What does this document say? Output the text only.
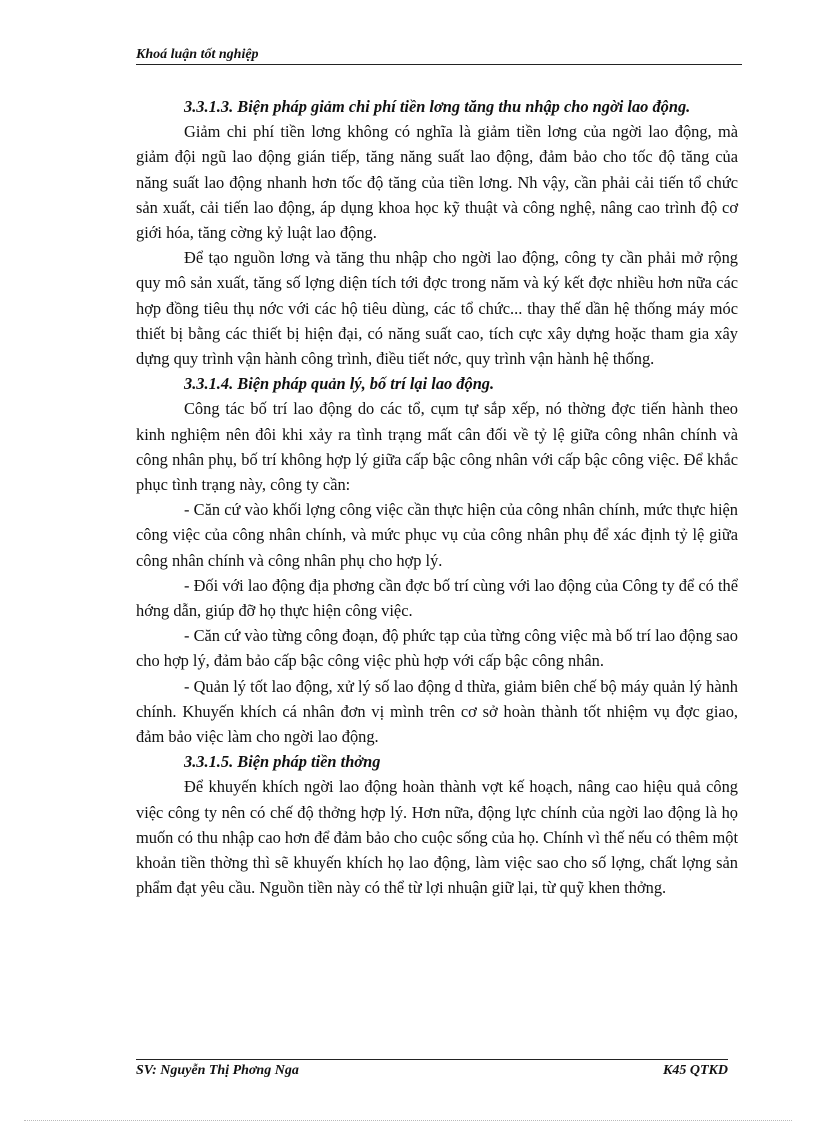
Khoá luận tốt nghiệp

3.3.1.3. Biện pháp giảm chi phí tiền lơng tăng thu nhập cho ngời lao động.

Giảm chi phí tiền lơng không có nghĩa là giảm tiền lơng của ngời lao động, mà giảm đội ngũ lao động gián tiếp, tăng năng suất lao động, đảm bảo cho tốc độ tăng của năng suất lao động nhanh hơn tốc độ tăng của tiền lơng. Nh vậy, cần phải cải tiến tổ chức sản xuất, cải tiến lao động, áp dụng khoa học kỹ thuật và công nghệ, nâng cao trình độ cơ giới hóa, tăng cờng kỷ luật lao động.

Để tạo nguồn lơng và tăng thu nhập cho ngời lao động, công ty cần phải mở rộng quy mô sản xuất, tăng số lợng diện tích tới đợc trong năm và ký kết đợc nhiều hơn nữa các hợp đồng tiêu thụ nớc với các hộ tiêu dùng, các tổ chức... thay thế dần hệ thống máy móc thiết bị bằng các thiết bị hiện đại, có năng suất cao, tích cực xây dựng hoặc tham gia xây dựng quy trình vận hành công trình, điều tiết nớc, quy trình vận hành hệ thống.

3.3.1.4. Biện pháp quản lý, bố trí lại lao động.

Công tác bố trí lao động do các tổ, cụm tự sắp xếp, nó thờng đợc tiến hành theo kinh nghiệm nên đôi khi xảy ra tình trạng mất cân đối về tỷ lệ giữa công nhân chính và công nhân phụ, bố trí không hợp lý giữa cấp bậc công nhân với cấp bậc công việc. Để khắc phục tình trạng này, công ty cần:

- Căn cứ vào khối lợng công việc cần thực hiện của công nhân chính, mức thực hiện công việc của công nhân chính, và mức phục vụ của công nhân phụ để xác định tỷ lệ giữa công nhân chính và công nhân phụ cho hợp lý.

- Đối với lao động địa phơng cần đợc bố trí cùng với lao động của Công ty để có thể hớng dẫn, giúp đỡ họ thực hiện công việc.

- Căn cứ vào từng công đoạn, độ phức tạp của từng công việc mà bố trí lao động sao cho hợp lý, đảm bảo cấp bậc công việc phù hợp với cấp bậc công nhân.

- Quản lý tốt lao động, xử lý số lao động d thừa, giảm biên chế bộ máy quản lý hành chính. Khuyến khích cá nhân đơn vị mình trên cơ sở hoàn thành tốt nhiệm vụ đợc giao, đảm bảo việc làm cho ngời lao động.

3.3.1.5. Biện pháp tiền thởng

Để khuyến khích ngời lao động hoàn thành vợt kế hoạch, nâng cao hiệu quả công việc công ty nên có chế độ thởng hợp lý. Hơn nữa, động lực chính của ngời lao động là họ muốn có thu nhập cao hơn để đảm bảo cho cuộc sống của họ. Chính vì thế nếu có thêm một khoản tiền thờng thì sẽ khuyến khích họ lao động, làm việc sao cho số lợng, chất lợng sản phẩm đạt yêu cầu. Nguồn tiền này có thể từ lợi nhuận giữ lại, từ quỹ khen thởng.

SV: Nguyễn Thị Phơng Nga	K45 QTKD
